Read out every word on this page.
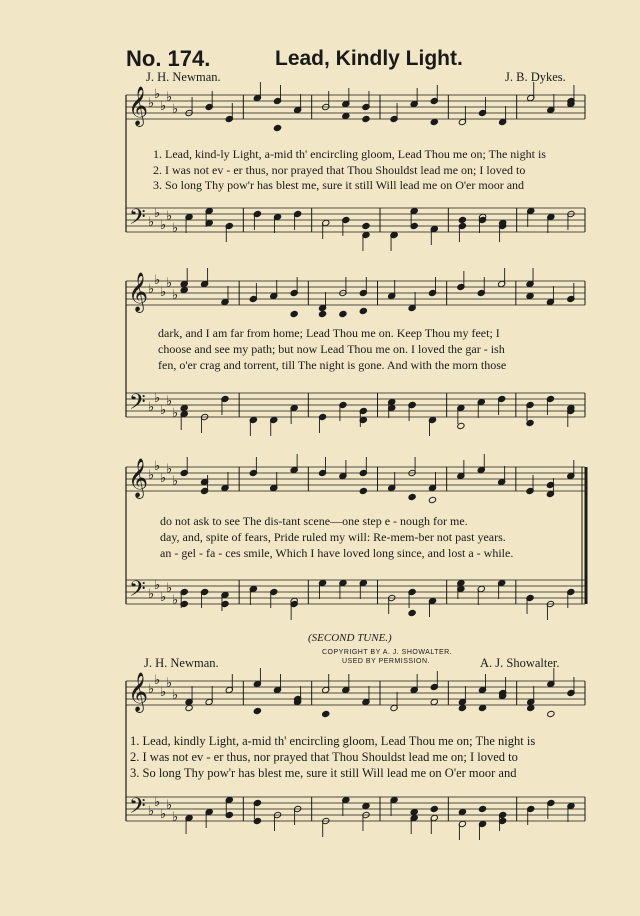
No. 174.	Lead, Kindly Light.
J. H. Newman.	J. B. Dykes.
𝄞
𝄢
♭
♭
♭
♭
♭
♭
♭
♭
♭
♭
𝄞
𝄢
♭
♭
♭
♭
♭
♭
♭
♭
♭
♭
𝄞
𝄢
♭
♭
♭
♭
♭
♭
♭
♭
♭
♭
𝄞
𝄢
♭
♭
♭
♭
♭
♭
♭
♭
♭
♭
1. Lead, kind-ly Light, a-mid th' encircling gloom, Lead Thou me on; The night is
2. I was not ev - er thus, nor prayed that Thou Shouldst lead me on; I loved to
3. So long Thy pow'r has blest me, sure it still Will lead me on O'er moor and
dark, and I am far from home; Lead Thou me on. Keep Thou my feet; I
choose and see my path; but now Lead Thou me on. I loved the gar - ish
fen, o'er crag and torrent, till The night is gone. And with the morn those
do not ask to see The dis-tant scene—one step e - nough for me.
day, and, spite of fears, Pride ruled my will: Re-mem-ber not past years.
an - gel - fa - ces smile, Which I have loved long since, and lost a - while.
(SECOND TUNE.)
COPYRIGHT BY A. J. SHOWALTER.
USED BY PERMISSION.
J. H. Newman.	A. J. Showalter.
1. Lead, kindly Light, a-mid th' encircling gloom, Lead Thou me on; The night is
2. I was not ev - er thus, nor prayed that Thou Shouldst lead me on; I loved to
3. So long Thy pow'r has blest me, sure it still Will lead me on O'er moor and
